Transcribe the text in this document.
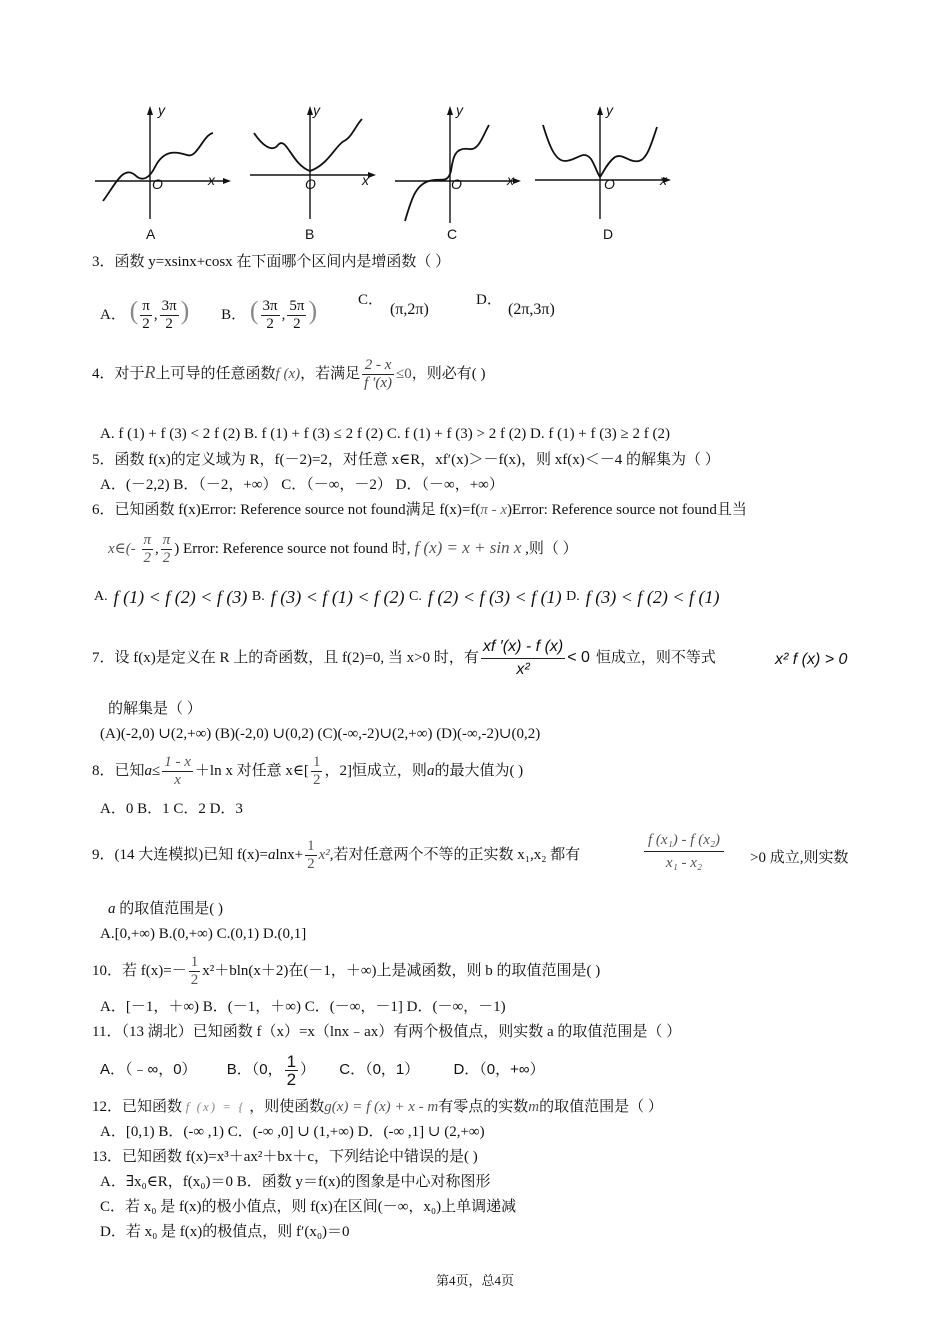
x
y
O
A
x
y
O
B
x
y
O
C
x
y
O
D
3．函数 y=xsinx+cosx 在下面哪个区间内是增函数（ ）
A． ( $\frac{\pi}{2}$ , $\frac{3\pi}{2}$ ) B． ( $\frac{3\pi}{2}$ , $\frac{5\pi}{2}$ )	C．
(π,2π)
D．
(2π,3π)
4．对于R上可导的任意函数f (x)，若满足 $\frac{2 - x}{f '(x)} \le 0$，则必有( )
A. f (1) + f (3) < 2 f (2) B. f (1) + f (3) ≤ 2 f (2) C. f (1) + f (3) > 2 f (2) D. f (1) + f (3) ≥ 2 f (2)
5．函数 f(x)的定义域为 R，f(－2)=2，对任意 x∈R，xf′(x)＞－f(x)，则 xf(x)＜－4 的解集为（ ）
A．(－2,2) B．（－2，+∞） C．（－∞，－2） D．（－∞，+∞）
6．已知函数 f(x)Error: Reference source not found满足 f(x)=f(π - x)Error: Reference source not found且当
x∈(- $\frac{\pi}{2}$ , $\frac{\pi}{2}$ ) Error: Reference source not found 时, f (x) = x + sin x ,则（ ）
$^{A.}$ f (1) < f (2) < f (3) $^{B.}$ f (3) < f (1) < f (2) $^{C.}$ f (2) < f (3) < f (1) $^{D.}$ f (3) < f (2) < f (1)
7．设 f(x)是定义在 R 上的奇函数，且 f(2)=0, 当 x>0 时，有 $\frac{xf '(x) - f (x)}{\text{x²}} < 0$ 恒成立，则不等式	x² f (x) > 0
的解集是（ ）
(A)(-2,0) ∪(2,+∞) (B)(-2,0) ∪(0,2) (C)(-∞,-2)∪(2,+∞) (D)(-∞,-2)∪(0,2)
8．已知$a\le \frac{1 - x}{x} +\ln$ x 对任意 x∈[ $\frac{1}{2}$ ，2]恒成立，则a的最大值为( )
A．0 B．1 C．2 D．3
9．(14 大连模拟)已知 $f(x)=alnx+ \frac{1}{2} x^2$,若对任意两个不等的正实数 x₁,x₂ 都有	$\frac{\text{f (x₁) - f (x₂)}}{\text{x₁ - x₂}} >0$ 成立,则实数
a 的取值范围是( )
A.[0,+∞) B.(0,+∞) C.(0,1) D.(0,1]
10．若 $f(x)=- \frac{1}{2} x^2+bln(x+2)$在(－1，＋∞)上是减函数，则 b 的取值范围是( )
A．[－1，＋∞) B．(－1，＋∞) C．(－∞，－1] D．(－∞，－1)
11．（13 湖北）已知函数 f（x）=x（lnx﹣ax）有两个极值点，则实数 a 的取值范围是（ ）
A．（﹣∞，0） B．（0， $\frac{1}{2}$ ） C．（0，1） D．（0，+∞）
12．已知函数 f (x) = { ，则使函数g(x) = f (x) + x - m有零点的实数m的取值范围是（ ）
A．[0,1) B．(-∞ ,1) C．(-∞ ,0] ∪ (1,+∞) D．(-∞ ,1] ∪ (2,+∞)
13．已知函数 f(x)=x³＋ax²＋bx＋c，下列结论中错误的是( )
A．∃x₀∈R，f(x₀)＝0 B．函数 y＝f(x)的图象是中心对称图形
C．若 x₀ 是 f(x)的极小值点，则 f(x)在区间(－∞，x₀)上单调递减
D．若 x₀ 是 f(x)的极值点，则 f′(x₀)＝0
第4页，总4页
